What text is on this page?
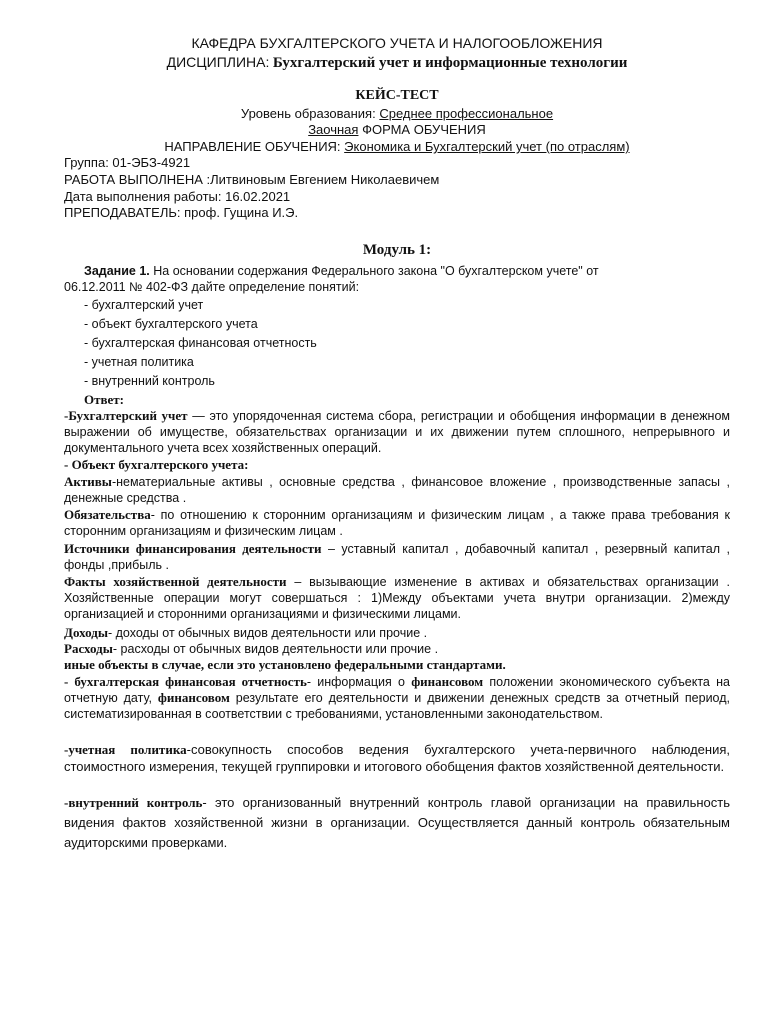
КАФЕДРА БУХГАЛТЕРСКОГО УЧЕТА И НАЛОГООБЛОЖЕНИЯ
ДИСЦИПЛИНА: Бухгалтерский учет и информационные технологии
КЕЙС-ТЕСТ
Уровень образования: Среднее профессиональное
Заочная ФОРМА ОБУЧЕНИЯ
НАПРАВЛЕНИЕ ОБУЧЕНИЯ: Экономика и Бухгалтерский учет (по отраслям)
Группа: 01-ЭБЗ-4921
РАБОТА ВЫПОЛНЕНА :Литвиновым Евгением Николаевичем
Дата выполнения работы: 16.02.2021
ПРЕПОДАВАТЕЛЬ: проф. Гущина И.Э.
Модуль 1:
Задание 1. На основании содержания Федерального закона "О бухгалтерском учете" от
06.12.2011 № 402-ФЗ дайте определение понятий:
- бухгалтерский учет
- объект бухгалтерского учета
- бухгалтерская финансовая отчетность
- учетная политика
- внутренний контроль
Ответ:
-Бухгалтерский учет — это упорядоченная система сбора, регистрации и обобщения информации в денежном выражении об имуществе, обязательствах организации и их движении путем сплошного, непрерывного и документального учета всех хозяйственных операций.
- Объект бухгалтерского учета:
Активы-нематериальные активы , основные средства , финансовое вложение , производственные запасы , денежные средства .
Обязательства- по отношению к сторонним организациям и физическим лицам , а также права требования к сторонним организациям и физическим лицам .
Источники финансирования деятельности – уставный капитал , добавочный капитал , резервный капитал , фонды ,прибыль .
Факты хозяйственной деятельности – вызывающие изменение в активах и обязательствах организации . Хозяйственные операции могут совершаться : 1)Между объектами учета внутри организации. 2)между организацией и сторонними организациями и физическими лицами.
Доходы- доходы от обычных видов деятельности или прочие .
Расходы- расходы от обычных видов деятельности или прочие .
иные объекты в случае, если это установлено федеральными стандартами.
- бухгалтерская финансовая отчетность- информация о финансовом положении экономического субъекта на отчетную дату, финансовом результате его деятельности и движении денежных средств за отчетный период, систематизированная в соответствии с требованиями, установленными законодательством.
-учетная политика-совокупность способов ведения бухгалтерского учета-первичного наблюдения, стоимостного измерения, текущей группировки и итогового обобщения фактов хозяйственной деятельности.
-внутренний контроль- это организованный внутренний контроль главой организации на правильность видения фактов хозяйственной жизни в организации. Осуществляется данный контроль обязательным аудиторскими проверками.
